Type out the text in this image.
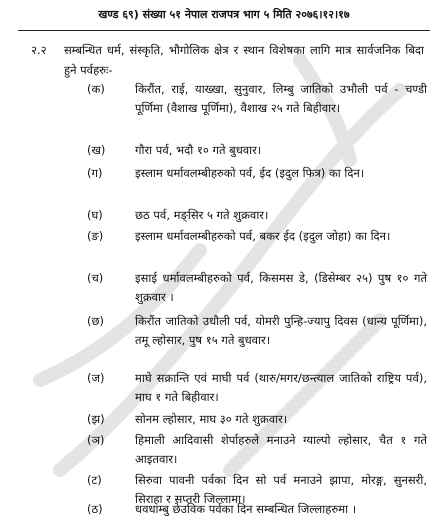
खण्ड ६९) संख्या ५१ नेपाल राजपत्र भाग ५ मिति २०७६।१२।१७
२.२ सम्बन्धित धर्म, संस्कृति, भौगोलिक क्षेत्र र स्थान विशेषका लागि मात्र सार्वजनिक बिदा हुने पर्वहरुः-
(क)	किरौंत, राई, याख्खा, सुनुवार, लिम्बु जातिको उभौली पर्व - चण्डी पूर्णिमा (वैशाख पूर्णिमा), वैशाख २५ गते बिहीवार।
(ख)	गौरा पर्व, भदौ १० गते बुधवार।
(ग)	इस्लाम धर्मावलम्बीहरुको पर्व, ईद (इदुल फित्र) का दिन।
(घ)	छठ पर्व, मङ्सिर ५ गते शुक्रवार।
(ङ)	इस्लाम धर्मावलम्बीहरुको पर्व, बकर ईद (इदुल जोहा) का दिन।
(च)	इसाई धर्मावलम्बीहरुको पर्व, किसमस डे, (डिसेम्बर २५) पुष १० गते शुक्रवार ।
(छ)	किरौंत जातिको उधौली पर्व, योमरी पुन्हि-ज्यापु दिवस (धान्य पूर्णिमा), तमू ल्होसार, पुष १५ गते बुधवार।
(ज)	माघे सक्रान्ति एवं माघी पर्व (थारु/मगर/छन्त्याल जातिको राष्ट्रिय पर्व), माघ १ गते बिहीवार।
(झ)	सोनम ल्होसार, माघ ३० गते शुक्रवार।
(ञ)	हिमाली आदिवासी शेर्पाहरुले मनाउने ग्याल्पो ल्होसार, चैत १ गते आइतवार।
(ट)	सिरुवा पावनी पर्वका दिन सो पर्व मनाउने झापा, मोरङ्ग, सुनसरी, सिराहा र सप्तरी जिल्लामा।
(ठ)	धवधाम्बु छेउविक पर्वका दिन सम्बन्धित जिल्लाहरुमा ।
